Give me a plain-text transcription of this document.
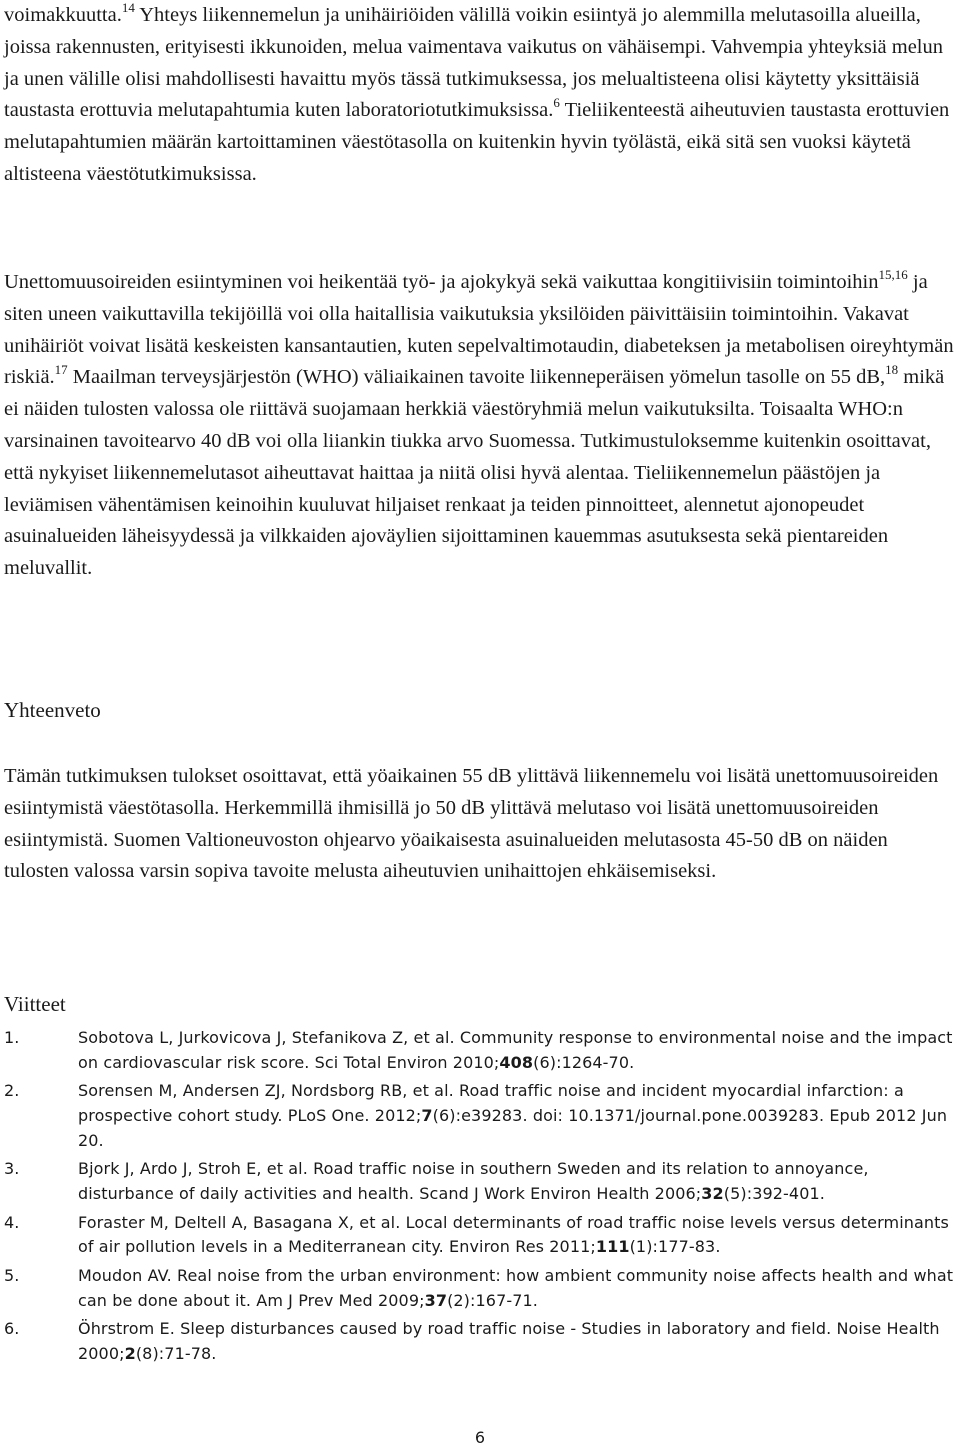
voimakkuutta.$^{14}$ Yhteys liikennemelun ja unihäiriöiden välillä voikin esiintyä jo alemmilla melutasoilla alueilla, joissa rakennusten, erityisesti ikkunoiden, melua vaimentava vaikutus on vähäisempi. Vahvempia yhteyksiä melun ja unen välille olisi mahdollisesti havaittu myös tässä tutkimuksessa, jos melualtisteena olisi käytetty yksittäisiä taustasta erottuvia melutapahtumia kuten laboratoriotutkimuksissa.$^6$ Tieliikenteestä aiheutuvien taustasta erottuvien melutapahtumien määrän kartoittaminen väestötasolla on kuitenkin hyvin työlästä, eikä sitä sen vuoksi käytetä altisteena väestötutkimuksissa.

Unettomuusoireiden esiintyminen voi heikentää työ- ja ajokykyä sekä vaikuttaa kongitiivisiin toimintoihin$^{15,16}$ ja siten uneen vaikuttavilla tekijöillä voi olla haitallisia vaikutuksia yksilöiden päivittäisiin toimintoihin. Vakavat unihäiriöt voivat lisätä keskeisten kansantautien, kuten sepelvaltimotaudin, diabeteksen ja metabolisen oireyhtymän riskiä.$^{17}$ Maailman terveysjärjestön (WHO) väliaikainen tavoite liikenneperäisen yömelun tasolle on 55 dB,$^{18}$ mikä ei näiden tulosten valossa ole riittävä suojamaan herkkiä väestöryhmiä melun vaikutuksilta. Toisaalta WHO:n varsinainen tavoitearvo 40 dB voi olla liiankin tiukka arvo Suomessa. Tutkimustuloksemme kuitenkin osoittavat, että nykyiset liikennemelutasot aiheuttavat haittaa ja niitä olisi hyvä alentaa. Tieliikennemelun päästöjen ja leviämisen vähentämisen keinoihin kuuluvat hiljaiset renkaat ja teiden pinnoitteet, alennetut ajonopeudet asuinalueiden läheisyydessä ja vilkkaiden ajoväylien sijoittaminen kauemmas asutuksesta sekä pientareiden meluvallit.

Yhteenveto

Tämän tutkimuksen tulokset osoittavat, että yöaikainen 55 dB ylittävä liikennemelu voi lisätä unettomuusoireiden esiintymistä väestötasolla. Herkemmillä ihmisillä jo 50 dB ylittävä melutaso voi lisätä unettomuusoireiden esiintymistä. Suomen Valtioneuvoston ohjearvo yöaikaisesta asuinalueiden melutasosta 45-50 dB on näiden tulosten valossa varsin sopiva tavoite melusta aiheutuvien unihaittojen ehkäisemiseksi.

Viitteet
1 .	Sobotova L, Jurkovicova J, Stefanikova Z, et al. Community response to environmental noise and the impact on cardiovascular risk score. Sci Total Environ 2010;408(6):1264-70.
2 .	Sorensen M, Andersen ZJ, Nordsborg RB, et al. Road traffic noise and incident myocardial infarction: a prospective cohort study. PLoS One. 2012;7(6):e39283. doi: 10.1371/journal.pone.0039283. Epub 2012 Jun 20.
3 .	Bjork J, Ardo J, Stroh E, et al. Road traffic noise in southern Sweden and its relation to annoyance, disturbance of daily activities and health. Scand J Work Environ Health 2006;32(5):392-401.
4 .	Foraster M, Deltell A, Basagana X, et al. Local determinants of road traffic noise levels versus determinants of air pollution levels in a Mediterranean city. Environ Res 2011;111(1):177-83.
5 .	Moudon AV. Real noise from the urban environment: how ambient community noise affects health and what can be done about it. Am J Prev Med 2009;37(2):167-71.
6 .	Öhrstrom E. Sleep disturbances caused by road traffic noise - Studies in laboratory and field. Noise Health 2000;2(8):71-78.
6
